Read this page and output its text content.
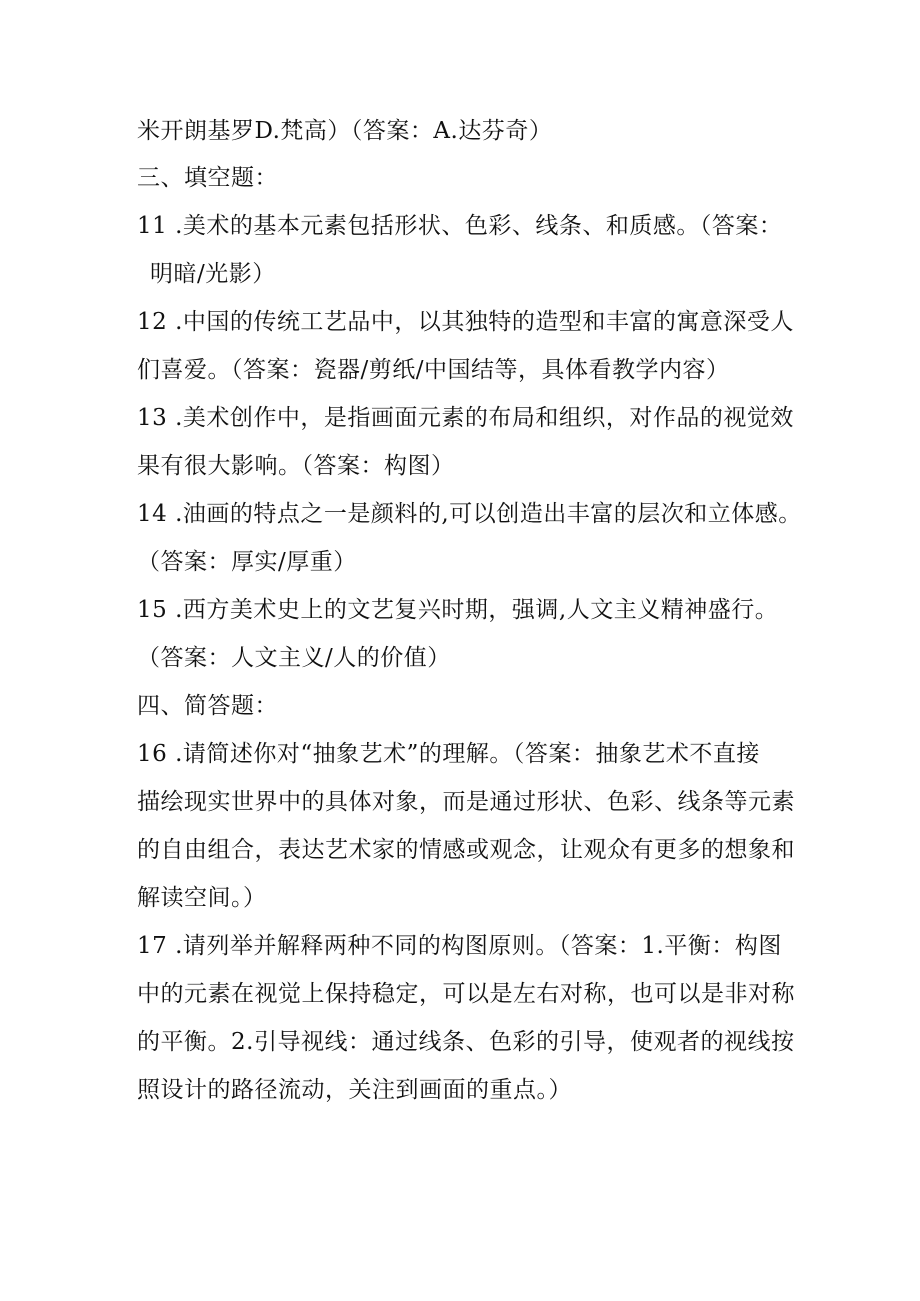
米开朗基罗D.梵高）（答案：A.达芬奇）
三、填空题：
11 .美术的基本元素包括形状、色彩、线条、和质感。（答案：
明暗/光影）
12 .中国的传统工艺品中，以其独特的造型和丰富的寓意深受人
们喜爱。（答案：瓷器/剪纸/中国结等，具体看教学内容）
13 .美术创作中，是指画面元素的布局和组织，对作品的视觉效
果有很大影响。（答案：构图）
14 .油画的特点之一是颜料的,可以创造出丰富的层次和立体感。
（答案：厚实/厚重）
15 .西方美术史上的文艺复兴时期，强调,人文主义精神盛行。
（答案：人文主义/人的价值）
四、简答题：
16 .请简述你对“抽象艺术”的理解。（答案：抽象艺术不直接
描绘现实世界中的具体对象，而是通过形状、色彩、线条等元素
的自由组合，表达艺术家的情感或观念，让观众有更多的想象和
解读空间。）
17 .请列举并解释两种不同的构图原则。（答案：1.平衡：构图
中的元素在视觉上保持稳定，可以是左右对称，也可以是非对称
的平衡。2.引导视线：通过线条、色彩的引导，使观者的视线按
照设计的路径流动，关注到画面的重点。）
